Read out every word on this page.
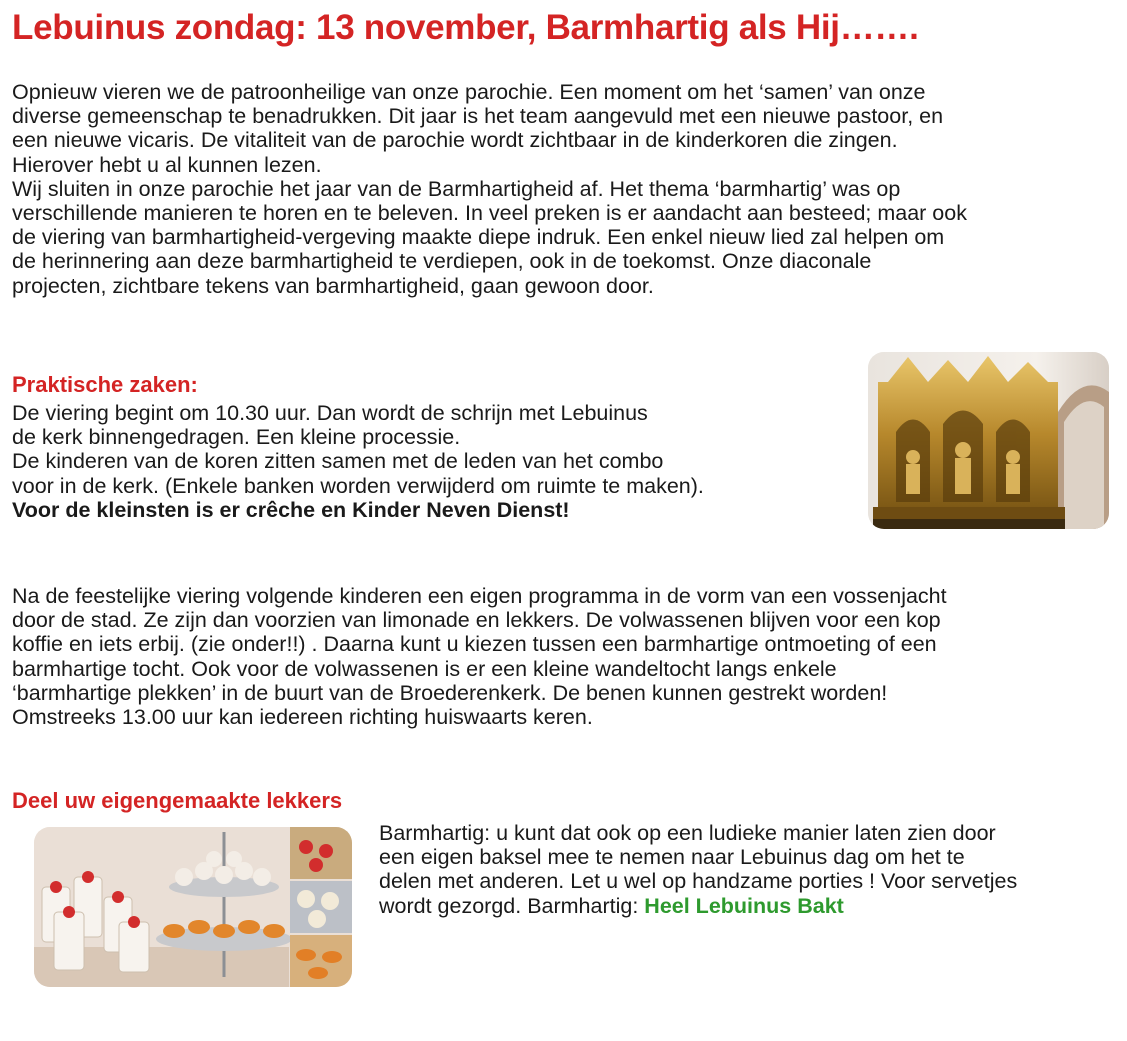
Lebuinus zondag: 13 november, Barmhartig als Hij…….
Opnieuw vieren we de patroonheilige van onze parochie. Een moment om het ‘samen’ van onze
diverse gemeenschap te benadrukken. Dit jaar is het team aangevuld met een nieuwe pastoor, en
een nieuwe vicaris. De vitaliteit van de parochie wordt zichtbaar in de kinderkoren die zingen.
Hierover hebt u al kunnen lezen.
Wij sluiten in onze parochie het jaar van de Barmhartigheid af. Het thema ‘barmhartig’ was op
verschillende manieren te horen en te beleven. In veel preken is er aandacht aan besteed; maar ook
de viering van barmhartigheid-vergeving maakte diepe indruk. Een enkel nieuw lied zal helpen om
de herinnering aan deze barmhartigheid te verdiepen, ook in de toekomst. Onze diaconale
projecten, zichtbare tekens van barmhartigheid, gaan gewoon door.
Praktische zaken:
De viering begint om 10.30 uur. Dan wordt de schrijn met Lebuinus
de kerk binnengedragen. Een kleine processie.
De kinderen van de koren zitten samen met de leden van het combo
voor in de kerk. (Enkele banken worden verwijderd om ruimte te maken).
Voor de kleinsten is er crêche en Kinder Neven Dienst!
Na de feestelijke viering volgende kinderen een eigen programma in de vorm van een vossenjacht
door de stad. Ze zijn dan voorzien van limonade en lekkers. De volwassenen blijven voor een kop
koffie en iets erbij. (zie onder!!) . Daarna kunt u kiezen tussen een barmhartige ontmoeting of een
barmhartige tocht. Ook voor de volwassenen is er een kleine wandeltocht langs enkele
‘barmhartige plekken’ in de buurt van de Broederenkerk. De benen kunnen gestrekt worden!
Omstreeks 13.00 uur kan iedereen richting huiswaarts keren.
Deel uw eigengemaakte lekkers
Barmhartig: u kunt dat ook op een ludieke manier laten zien door
een eigen baksel mee te nemen naar Lebuinus dag om het te
delen met anderen. Let u wel op handzame porties ! Voor servetjes
wordt gezorgd. Barmhartig: Heel Lebuinus Bakt
